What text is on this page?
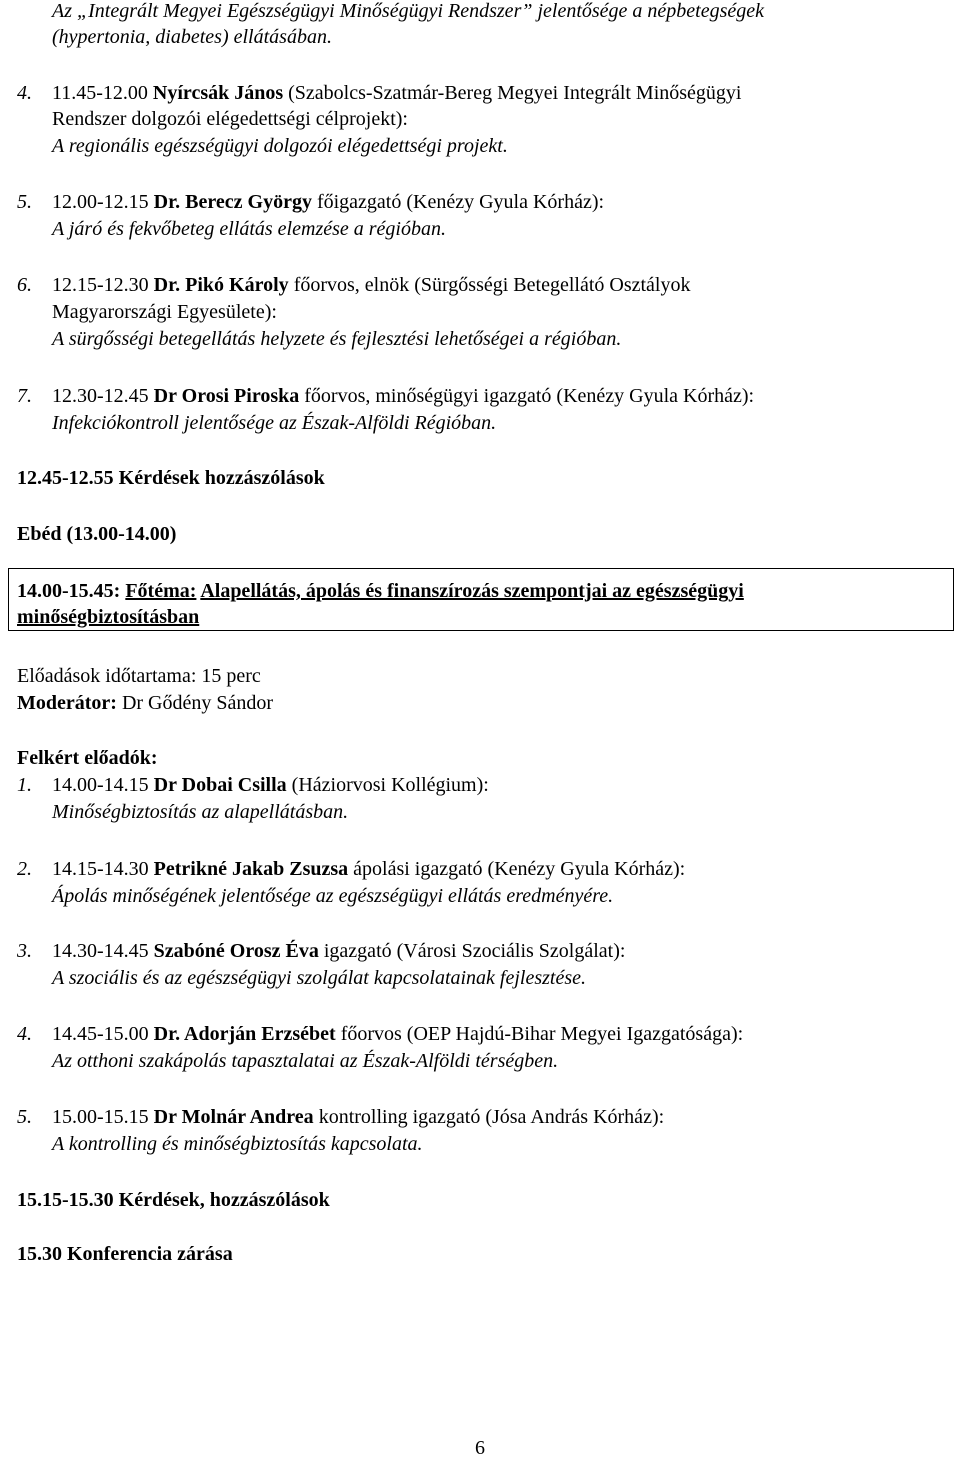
Az „Integrált Megyei Egészségügyi Minőségügyi Rendszer” jelentősége a népbetegségek
(hypertonia, diabetes) ellátásában.
4. 11.45-12.00 Nyírcsák János (Szabolcs-Szatmár-Bereg Megyei Integrált Minőségügyi
Rendszer dolgozói elégedettségi célprojekt):
A regionális egészségügyi dolgozói elégedettségi projekt.
5. 12.00-12.15 Dr. Berecz György főigazgató (Kenézy Gyula Kórház):
A járó és fekvőbeteg ellátás elemzése a régióban.
6. 12.15-12.30 Dr. Pikó Károly főorvos, elnök (Sürgősségi Betegellátó Osztályok
Magyarországi Egyesülete):
A sürgősségi betegellátás helyzete és fejlesztési lehetőségei a régióban.
7. 12.30-12.45 Dr Orosi Piroska főorvos, minőségügyi igazgató (Kenézy Gyula Kórház):
Infekciókontroll jelentősége az Észak-Alföldi Régióban.
12.45-12.55 Kérdések hozzászólások
Ebéd (13.00-14.00)
14.00-15.45: Főtéma: Alapellátás, ápolás és finanszírozás szempontjai az egészségügyi
minőségbiztosításban
Előadások időtartama: 15 perc
Moderátor: Dr Gődény Sándor
Felkért előadók:
1. 14.00-14.15 Dr Dobai Csilla (Háziorvosi Kollégium):
Minőségbiztosítás az alapellátásban.
2. 14.15-14.30 Petrikné Jakab Zsuzsa ápolási igazgató (Kenézy Gyula Kórház):
Ápolás minőségének jelentősége az egészségügyi ellátás eredményére.
3. 14.30-14.45 Szabóné Orosz Éva igazgató (Városi Szociális Szolgálat):
A szociális és az egészségügyi szolgálat kapcsolatainak fejlesztése.
4. 14.45-15.00 Dr. Adorján Erzsébet főorvos (OEP Hajdú-Bihar Megyei Igazgatósága):
Az otthoni szakápolás tapasztalatai az Észak-Alföldi térségben.
5. 15.00-15.15 Dr Molnár Andrea kontrolling igazgató (Jósa András Kórház):
A kontrolling és minőségbiztosítás kapcsolata.
15.15-15.30 Kérdések, hozzászólások
15.30 Konferencia zárása
6
